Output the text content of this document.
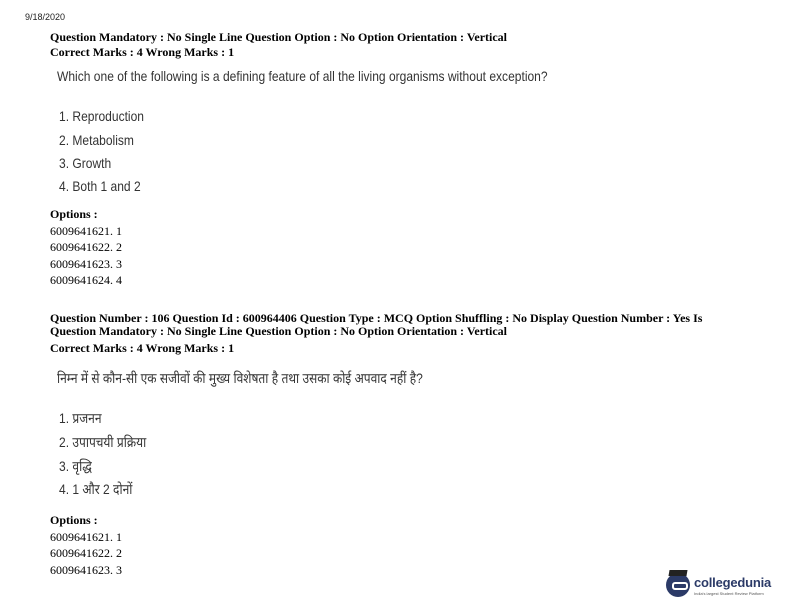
9/18/2020
Question Mandatory : No Single Line Question Option : No Option Orientation : Vertical
Correct Marks : 4 Wrong Marks : 1
Which one of the following is a defining feature of all the living organisms without exception?
1. Reproduction
2. Metabolism
3. Growth
4. Both 1 and 2
Options :
6009641621. 1
6009641622. 2
6009641623. 3
6009641624. 4
Question Number : 106 Question Id : 600964406 Question Type : MCQ Option Shuffling : No Display Question Number : Yes Is
Question Mandatory : No Single Line Question Option : No Option Orientation : Vertical
Correct Marks : 4 Wrong Marks : 1
निम्न में से कौन-सी एक सजीवों की मुख्य विशेषता है तथा उसका कोई अपवाद नहीं है?
1. प्रजनन
2. उपापचयी प्रक्रिया
3. वृद्धि
4. 1 और 2 दोनों
Options :
6009641621. 1
6009641622. 2
6009641623. 3
collegedunia
India's largest Student Review Platform
